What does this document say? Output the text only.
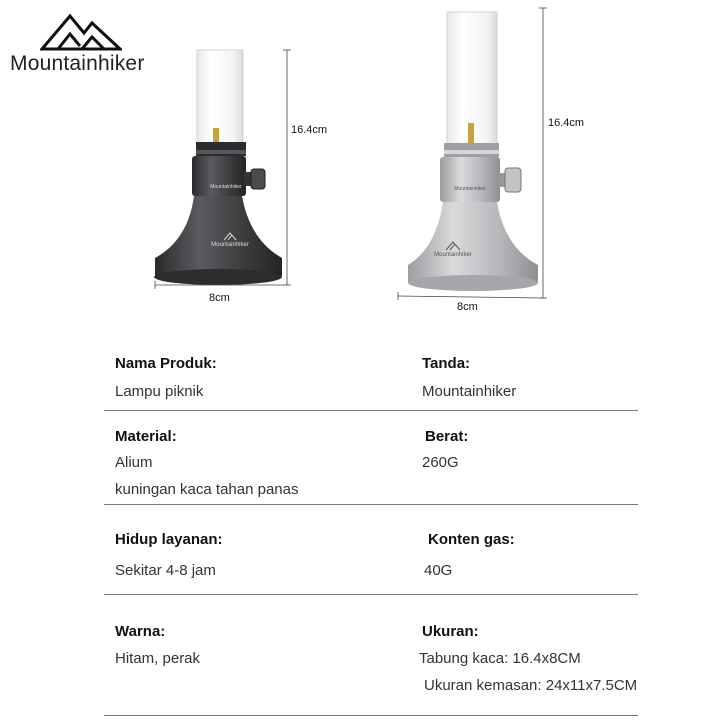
Mountainhiker
Mountainhiker
Mountainhiker
Mountainhiker
Mountainhiker
16.4cm
8cm
16.4cm
8cm
Nama Produk:
Lampu piknik
Tanda:
Mountainhiker
Material:
Alium
kuningan kaca tahan panas
Berat:
260G
Hidup layanan:
Sekitar 4-8 jam
Konten gas:
40G
Warna:
Hitam, perak
Ukuran:
Tabung kaca: 16.4x8CM
Ukuran kemasan: 24x11x7.5CM
